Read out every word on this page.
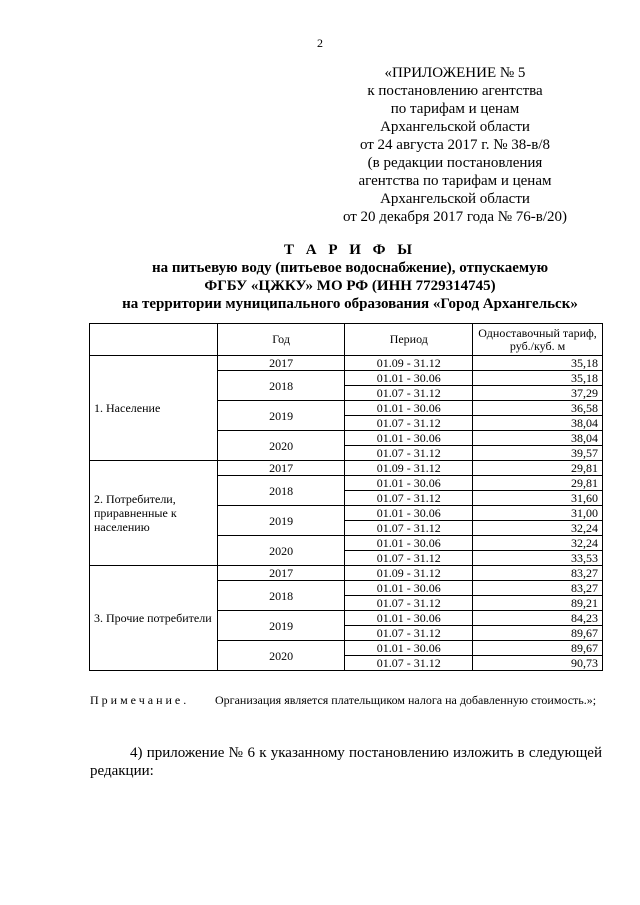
2
«ПРИЛОЖЕНИЕ № 5
к постановлению агентства
по тарифам и ценам
Архангельской области
от 24 августа 2017 г. № 38-в/8
(в редакции постановления
агентства по тарифам и ценам
Архангельской области
от 20 декабря 2017 года № 76-в/20)
Т А Р И Ф Ы
на питьевую воду (питьевое водоснабжение), отпускаемую
ФГБУ «ЦЖКУ» МО РФ (ИНН 7729314745)
на территории муниципального образования «Город Архангельск»
	Год	Период	Одноставочный тариф, руб./куб. м
1. Население	2017	01.09 - 31.12	35,18
	2018	01.01 - 30.06	35,18
		01.07 - 31.12	37,29
	2019	01.01 - 30.06	36,58
		01.07 - 31.12	38,04
	2020	01.01 - 30.06	38,04
		01.07 - 31.12	39,57
2. Потребители, приравненные к населению	2017	01.09 - 31.12	29,81
	2018	01.01 - 30.06	29,81
		01.07 - 31.12	31,60
	2019	01.01 - 30.06	31,00
		01.07 - 31.12	32,24
	2020	01.01 - 30.06	32,24
		01.07 - 31.12	33,53
3. Прочие потребители	2017	01.09 - 31.12	83,27
	2018	01.01 - 30.06	83,27
		01.07 - 31.12	89,21
	2019	01.01 - 30.06	84,23
		01.07 - 31.12	89,67
	2020	01.01 - 30.06	89,67
		01.07 - 31.12	90,73
Примечание. Организация является плательщиком налога на добавленную стоимость.»;
4) приложение № 6 к указанному постановлению изложить в следующей редакции:
